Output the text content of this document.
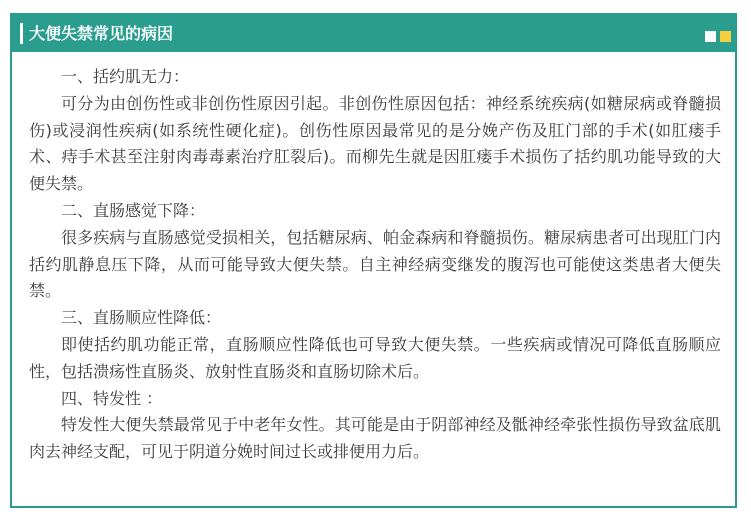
大便失禁常见的病因

一、括约肌无力：

可分为由创伤性或非创伤性原因引起。非创伤性原因包括：神经系统疾病(如糖尿病或脊髓损伤)或浸润性疾病(如系统性硬化症)。创伤性原因最常见的是分娩产伤及肛门部的手术(如肛瘘手术、痔手术甚至注射肉毒毒素治疗肛裂后)。而柳先生就是因肛瘘手术损伤了括约肌功能导致的大便失禁。

二、直肠感觉下降：

很多疾病与直肠感觉受损相关，包括糖尿病、帕金森病和脊髓损伤。糖尿病患者可出现肛门内括约肌静息压下降，从而可能导致大便失禁。自主神经病变继发的腹泻也可能使这类患者大便失禁。

三、直肠顺应性降低：

即使括约肌功能正常，直肠顺应性降低也可导致大便失禁。一些疾病或情况可降低直肠顺应性，包括溃疡性直肠炎、放射性直肠炎和直肠切除术后。

四、特发性 ：

特发性大便失禁最常见于中老年女性。其可能是由于阴部神经及骶神经牵张性损伤导致盆底肌肉去神经支配，可见于阴道分娩时间过长或排便用力后。
